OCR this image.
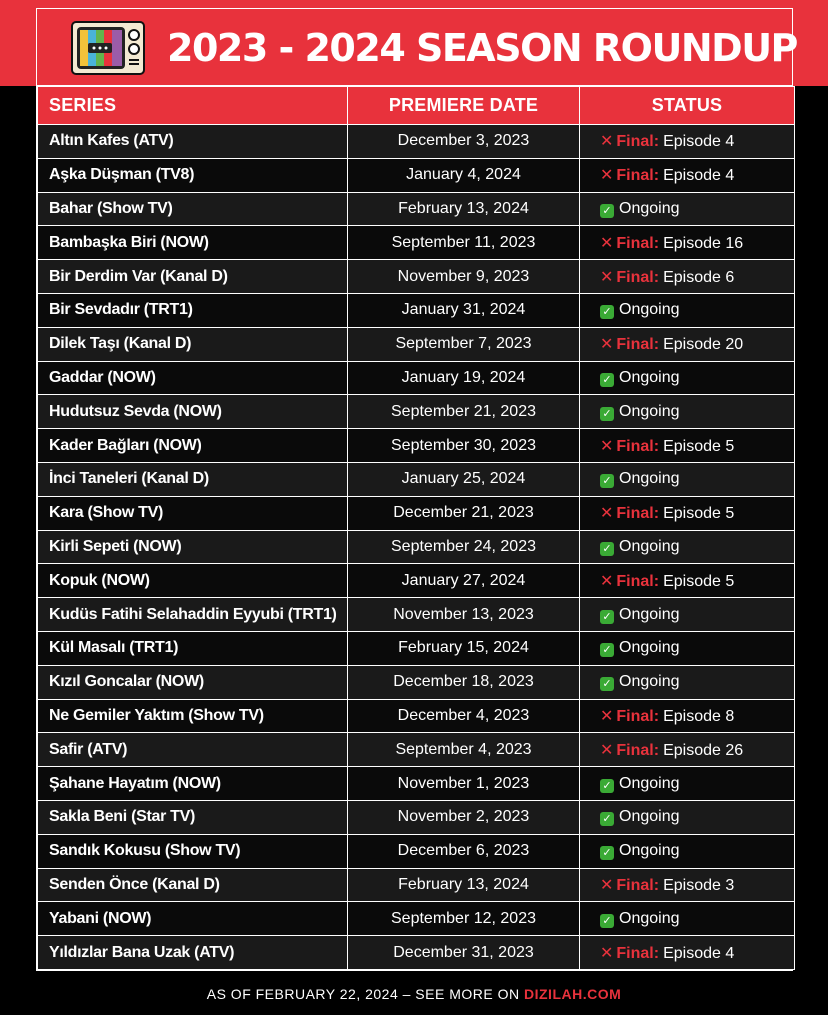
2023 - 2024 SEASON ROUNDUP
SERIES	PREMIERE DATE	STATUS
Altın Kafes (ATV)	December 3, 2023	✕ Final: Episode 4
Aşka Düşman (TV8)	January 4, 2024	✕ Final: Episode 4
Bahar (Show TV)	February 13, 2024	✓ Ongoing
Bambaşka Biri (NOW)	September 11, 2023	✕ Final: Episode 16
Bir Derdim Var (Kanal D)	November 9, 2023	✕ Final: Episode 6
Bir Sevdadır (TRT1)	January 31, 2024	✓ Ongoing
Dilek Taşı (Kanal D)	September 7, 2023	✕ Final: Episode 20
Gaddar (NOW)	January 19, 2024	✓ Ongoing
Hudutsuz Sevda (NOW)	September 21, 2023	✓ Ongoing
Kader Bağları (NOW)	September 30, 2023	✕ Final: Episode 5
İnci Taneleri (Kanal D)	January 25, 2024	✓ Ongoing
Kara (Show TV)	December 21, 2023	✕ Final: Episode 5
Kirli Sepeti (NOW)	September 24, 2023	✓ Ongoing
Kopuk (NOW)	January 27, 2024	✕ Final: Episode 5
Kudüs Fatihi Selahaddin Eyyubi (TRT1)	November 13, 2023	✓ Ongoing
Kül Masalı (TRT1)	February 15, 2024	✓ Ongoing
Kızıl Goncalar (NOW)	December 18, 2023	✓ Ongoing
Ne Gemiler Yaktım (Show TV)	December 4, 2023	✕ Final: Episode 8
Safir (ATV)	September 4, 2023	✕ Final: Episode 26
Şahane Hayatım (NOW)	November 1, 2023	✓ Ongoing
Sakla Beni (Star TV)	November 2, 2023	✓ Ongoing
Sandık Kokusu (Show TV)	December 6, 2023	✓ Ongoing
Senden Önce (Kanal D)	February 13, 2024	✕ Final: Episode 3
Yabani (NOW)	September 12, 2023	✓ Ongoing
Yıldızlar Bana Uzak (ATV)	December 31, 2023	✕ Final: Episode 4
AS OF FEBRUARY 22, 2024 – SEE MORE ON DIZILAH.COM
